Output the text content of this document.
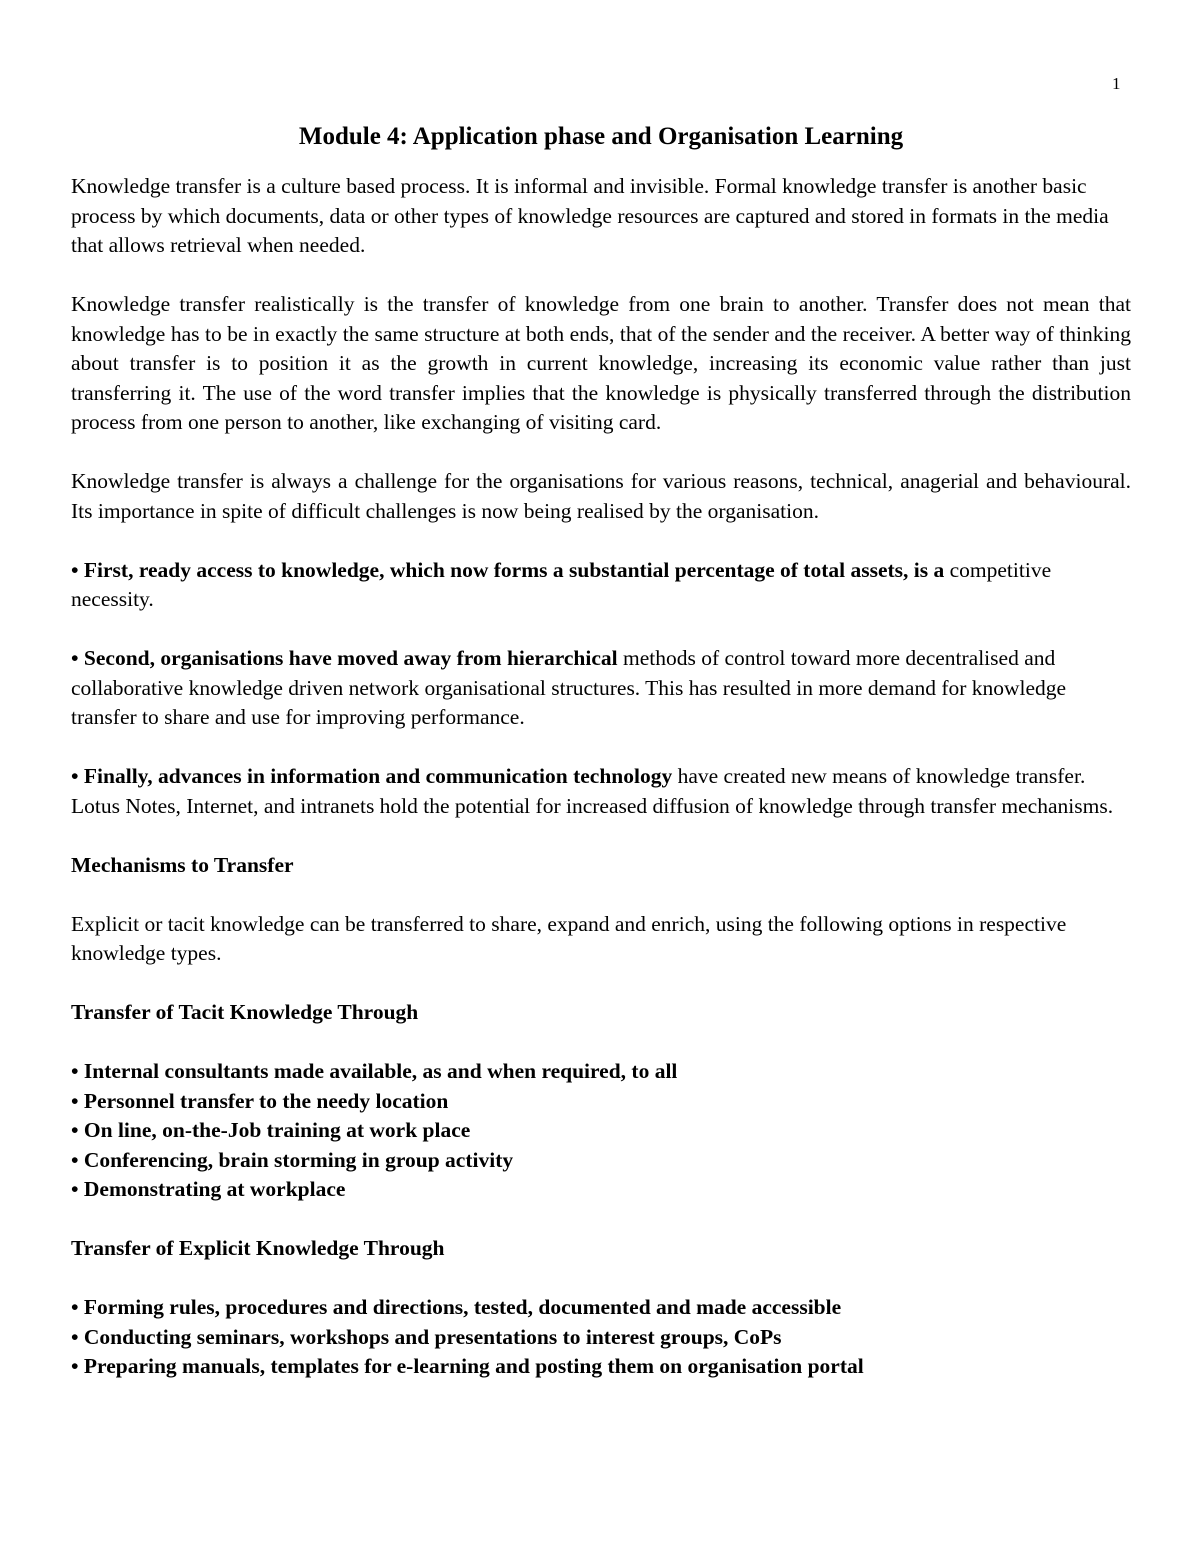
1
Module 4: Application phase and Organisation Learning

Knowledge transfer is a culture based process. It is informal and invisible. Formal knowledge transfer is another basic process by which documents, data or other types of knowledge resources are captured and stored in formats in the media that allows retrieval when needed.

Knowledge transfer realistically is the transfer of knowledge from one brain to another. Transfer does not mean that knowledge has to be in exactly the same structure at both ends, that of the sender and the receiver. A better way of thinking about transfer is to position it as the growth in current knowledge, increasing its economic value rather than just transferring it. The use of the word transfer implies that the knowledge is physically transferred through the distribution process from one person to another, like exchanging of visiting card.

Knowledge transfer is always a challenge for the organisations for various reasons, technical, anagerial and behavioural. Its importance in spite of difficult challenges is now being realised by the organisation.

• First, ready access to knowledge, which now forms a substantial percentage of total assets, is a competitive necessity.

• Second, organisations have moved away from hierarchical methods of control toward more decentralised and collaborative knowledge driven network organisational structures. This has resulted in more demand for knowledge transfer to share and use for improving performance.

• Finally, advances in information and communication technology have created new means of knowledge transfer. Lotus Notes, Internet, and intranets hold the potential for increased diffusion of knowledge through transfer mechanisms.

Mechanisms to Transfer

Explicit or tacit knowledge can be transferred to share, expand and enrich, using the following options in respective knowledge types.

Transfer of Tacit Knowledge Through
• Internal consultants made available, as and when required, to all
• Personnel transfer to the needy location
• On line, on-the-Job training at work place
• Conferencing, brain storming in group activity
• Demonstrating at workplace
Transfer of Explicit Knowledge Through
• Forming rules, procedures and directions, tested, documented and made accessible
• Conducting seminars, workshops and presentations to interest groups, CoPs
• Preparing manuals, templates for e-learning and posting them on organisation portal
